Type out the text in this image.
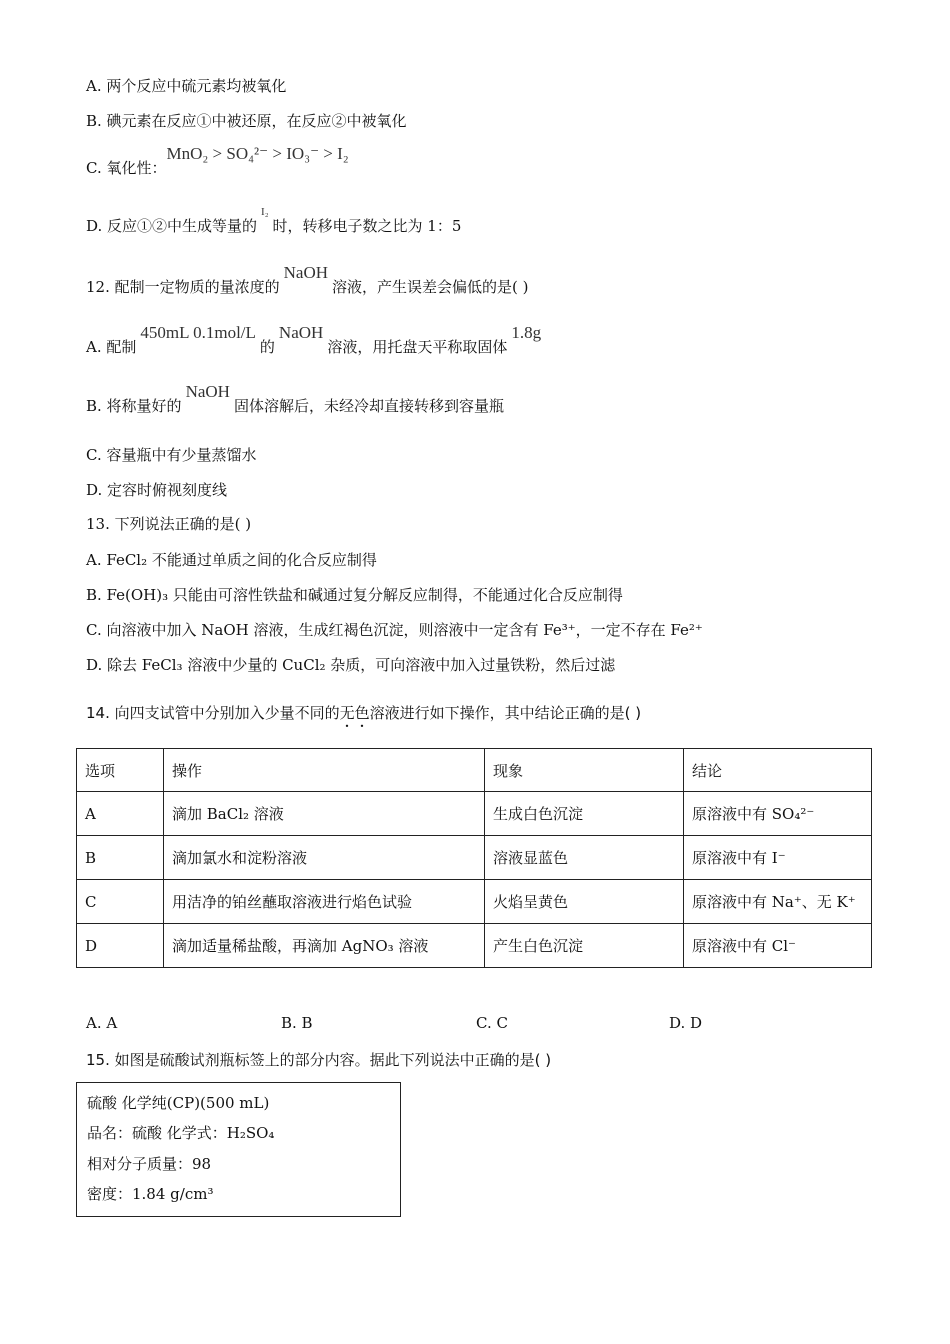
A. 两个反应中硫元素均被氧化
B. 碘元素在反应①中被还原，在反应②中被氧化
C. 氧化性：MnO₂ > SO₄²⁻ > IO₃⁻ > I₂
D. 反应①②中生成等量的$^{I_2}$时，转移电子数之比为 1：5
12. 配制一定物质的量浓度的NaOH溶液，产生误差会偏低的是( )
A. 配制450mL 0.1mol/L的NaOH溶液，用托盘天平称取固体1.8g
B. 将称量好的NaOH固体溶解后，未经冷却直接转移到容量瓶
C. 容量瓶中有少量蒸馏水
D. 定容时俯视刻度线
13. 下列说法正确的是( )
A. FeCl₂ 不能通过单质之间的化合反应制得
B. Fe(OH)₃ 只能由可溶性铁盐和碱通过复分解反应制得，不能通过化合反应制得
C. 向溶液中加入 NaOH 溶液，生成红褐色沉淀，则溶液中一定含有 Fe³⁺，一定不存在 Fe²⁺
D. 除去 FeCl₃ 溶液中少量的 CuCl₂ 杂质，可向溶液中加入过量铁粉，然后过滤
14. 向四支试管中分别加入少量不同的无色溶液进行如下操作，其中结论正确的是( )
选项	操作	现象	结论
A	滴加 BaCl₂ 溶液	生成白色沉淀	原溶液中有 SO₄²⁻
B	滴加氯水和淀粉溶液	溶液显蓝色	原溶液中有 I⁻
C	用洁净的铂丝蘸取溶液进行焰色试验	火焰呈黄色	原溶液中有 Na⁺、无 K⁺
D	滴加适量稀盐酸，再滴加 AgNO₃ 溶液	产生白色沉淀	原溶液中有 Cl⁻
A. A	B. B	C. C	D. D
15. 如图是硫酸试剂瓶标签上的部分内容。据此下列说法中正确的是( )
硫酸 化学纯(CP)(500 mL)
品名：硫酸 化学式：H₂SO₄
相对分子质量：98
密度：1.84 g/cm³
